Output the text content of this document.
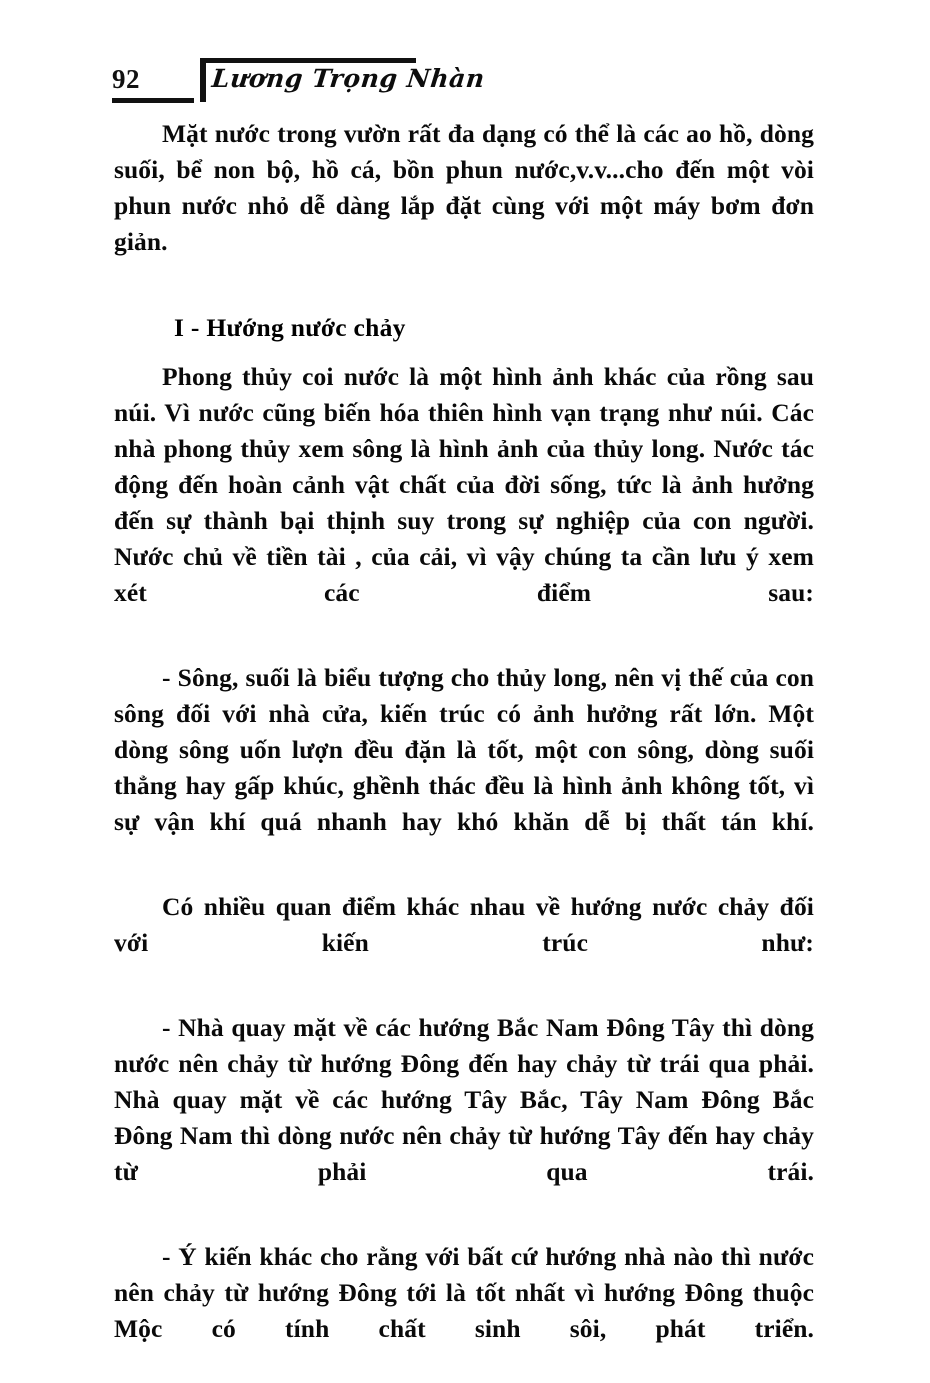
92	Lương Trọng Nhàn

Mặt nước trong vườn rất đa dạng có thể là các ao hồ, dòng suối, bể non bộ, hồ cá, bồn phun nước,v.v...cho đến một vòi phun nước nhỏ dễ dàng lắp đặt cùng với một máy bơm đơn giản.

I - Hướng nước chảy

Phong thủy coi nước là một hình ảnh khác của rồng sau núi. Vì nước cũng biến hóa thiên hình vạn trạng như núi. Các nhà phong thủy xem sông là hình ảnh của thủy long. Nước tác động đến hoàn cảnh vật chất của đời sống, tức là ảnh hưởng đến sự thành bại thịnh suy trong sự nghiệp của con người. Nước chủ về tiền tài , của cải, vì vậy chúng ta cần lưu ý xem xét các điểm sau:

- Sông, suối là biểu tượng cho thủy long, nên vị thế của con sông đối với nhà cửa, kiến trúc có ảnh hưởng rất lớn. Một dòng sông uốn lượn đều đặn là tốt, một con sông, dòng suối thẳng hay gấp khúc, ghềnh thác đều là hình ảnh không tốt, vì sự vận khí quá nhanh hay khó khăn dễ bị thất tán khí.

Có nhiều quan điểm khác nhau về hướng nước chảy đối với kiến trúc như:

- Nhà quay mặt về các hướng Bắc Nam Đông Tây thì dòng nước nên chảy từ hướng Đông đến hay chảy từ trái qua phải. Nhà quay mặt về các hướng Tây Bắc, Tây Nam Đông Bắc Đông Nam thì dòng nước nên chảy từ hướng Tây đến hay chảy từ phải qua trái.

- Ý kiến khác cho rằng với bất cứ hướng nhà nào thì nước nên chảy từ hướng Đông tới là tốt nhất vì hướng Đông thuộc Mộc có tính chất sinh sôi, phát triển.
